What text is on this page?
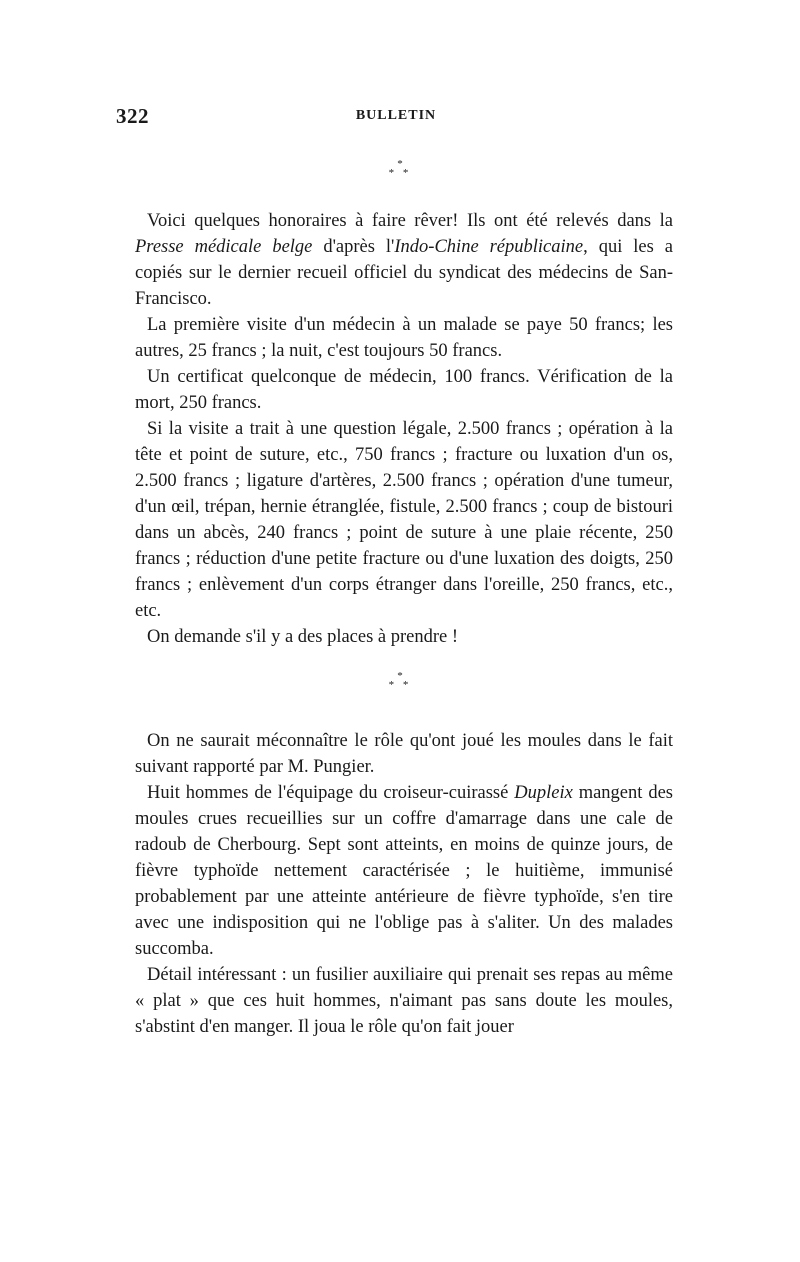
322	BULLETIN
*
* *

Voici quelques honoraires à faire rêver! Ils ont été relevés dans la Presse médicale belge d'après l'Indo-Chine républicaine, qui les a copiés sur le dernier recueil officiel du syndicat des médecins de San-Francisco.

La première visite d'un médecin à un malade se paye 50 francs; les autres, 25 francs ; la nuit, c'est toujours 50 francs.

Un certificat quelconque de médecin, 100 francs. Vérification de la mort, 250 francs.

Si la visite a trait à une question légale, 2.500 francs ; opération à la tête et point de suture, etc., 750 francs ; fracture ou luxation d'un os, 2.500 francs ; ligature d'artères, 2.500 francs ; opération d'une tumeur, d'un œil, trépan, hernie étranglée, fistule, 2.500 francs ; coup de bistouri dans un abcès, 240 francs ; point de suture à une plaie récente, 250 francs ; réduction d'une petite fracture ou d'une luxation des doigts, 250 francs ; enlèvement d'un corps étranger dans l'oreille, 250 francs, etc., etc.

On demande s'il y a des places à prendre !

*
* *

On ne saurait méconnaître le rôle qu'ont joué les moules dans le fait suivant rapporté par M. Pungier.

Huit hommes de l'équipage du croiseur-cuirassé Dupleix mangent des moules crues recueillies sur un coffre d'amarrage dans une cale de radoub de Cherbourg. Sept sont atteints, en moins de quinze jours, de fièvre typhoïde nettement caractérisée ; le huitième, immunisé probablement par une atteinte antérieure de fièvre typhoïde, s'en tire avec une indisposition qui ne l'oblige pas à s'aliter. Un des malades succomba.

Détail intéressant : un fusilier auxiliaire qui prenait ses repas au même « plat » que ces huit hommes, n'aimant pas sans doute les moules, s'abstint d'en manger. Il joua le rôle qu'on fait jouer
